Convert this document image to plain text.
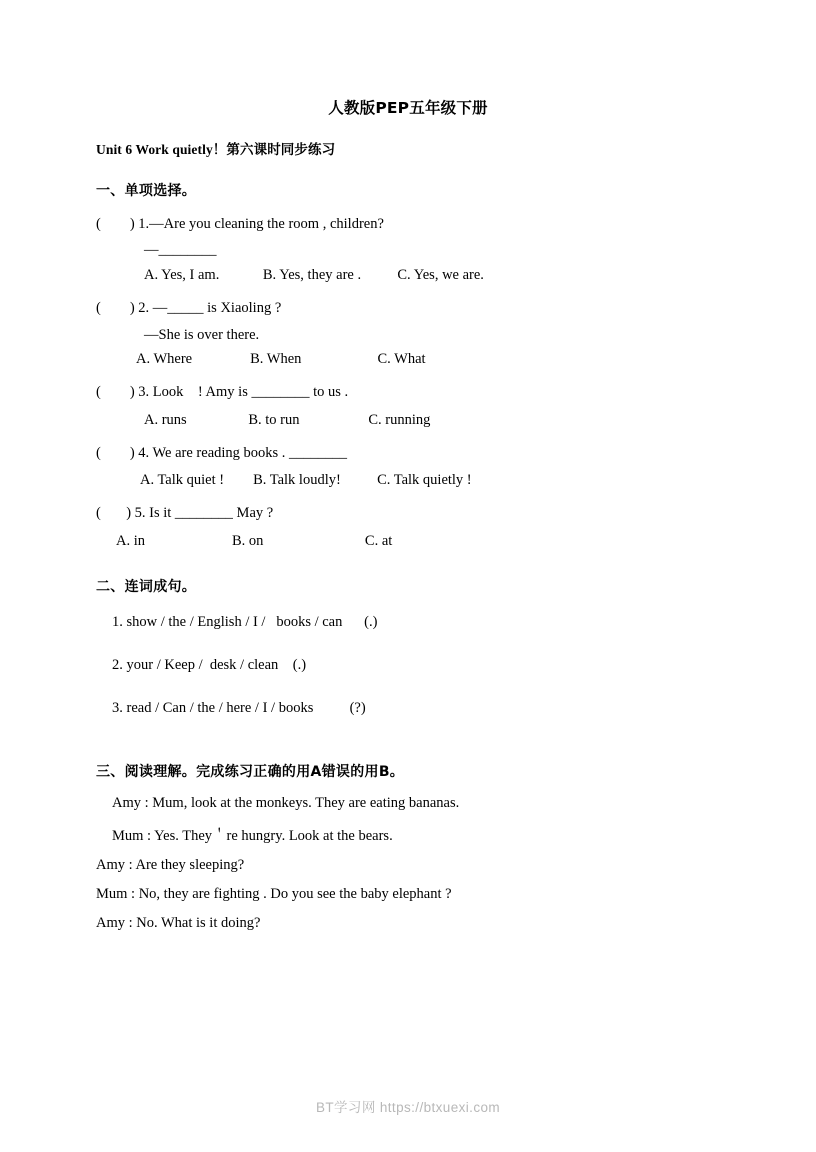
人教版PEP五年级下册
Unit 6 Work quietly！第六课时同步练习
一、单项选择。
(        ) 1.—Are you cleaning the room , children?
—________
A. Yes, I am.            B. Yes, they are .          C. Yes, we are.
(        ) 2. —_____ is Xiaoling ?
—She is over there.
A. Where                B. When                     C. What
(        ) 3. Look    ! Amy is ________ to us .
A. runs                 B. to run                   C. running
(        ) 4. We are reading books . ________
A. Talk quiet !        B. Talk loudly!          C. Talk quietly !
(       ) 5. Is it ________ May ?
A. in                        B. on                            C. at
二、连词成句。
1. show / the / English / I /   books / can      (.)
2. your / Keep /  desk / clean    (.)
3. read / Can / the / here / I / books          (?)
三、阅读理解。完成练习正确的用A错误的用B。
Amy : Mum, look at the monkeys. They are eating bananas.
Mum : Yes. They＇re hungry. Look at the bears.
Amy : Are they sleeping?
Mum : No, they are fighting . Do you see the baby elephant ?
Amy : No. What is it doing?
BT学习网 https://btxuexi.com
